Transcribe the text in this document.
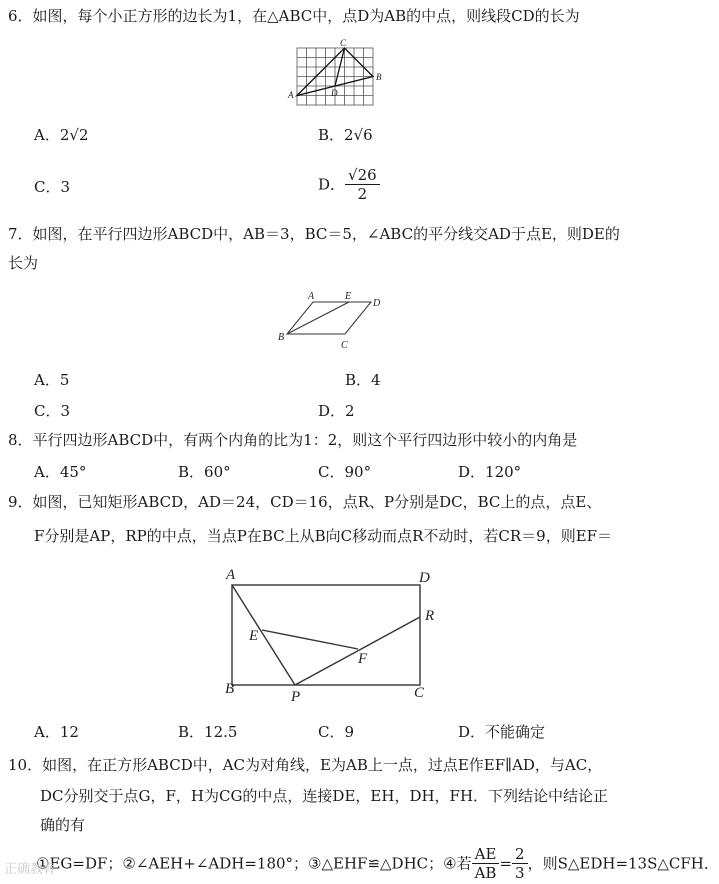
6．如图，每个小正方形的边长为1，在△ABC中，点D为AB的中点，则线段CD的长为
A
B
C
D
A．2√2	B．2√6
C．3	D． $\frac{√26}{2}$
7．如图，在平行四边形ABCD中，AB＝3，BC＝5，∠ABC的平分线交AD于点E，则DE的
长为
A	E
D
B
C
A．5	B．4
C．3	D．2
8．平行四边形ABCD中，有两个内角的比为1：2，则这个平行四边形中较小的内角是
A．45°	B．60°	C．90°	D．120°
9．如图，已知矩形ABCD，AD＝24，CD＝16，点R、P分别是DC，BC上的点，点E、
F分别是AP，RP的中点，当点P在BC上从B向C移动而点R不动时，若CR＝9，则EF＝
A	D
R
E
F
B	P	C
A．12	B．12.5	C．9	D．不能确定
10．如图，在正方形ABCD中，AC为对角线，E为AB上一点，过点E作EF∥AD，与AC，
DC分别交于点G，F，H为CG的中点，连接DE，EH，DH，FH．下列结论中结论正
确的有
①EG=DF；②∠AEH+∠ADH=180°；③△EHF≌△DHC；④若 $\frac{AE}{AB} = \frac{2}{3}$ ，则S△EDH=13S△CFH．
正确教育
